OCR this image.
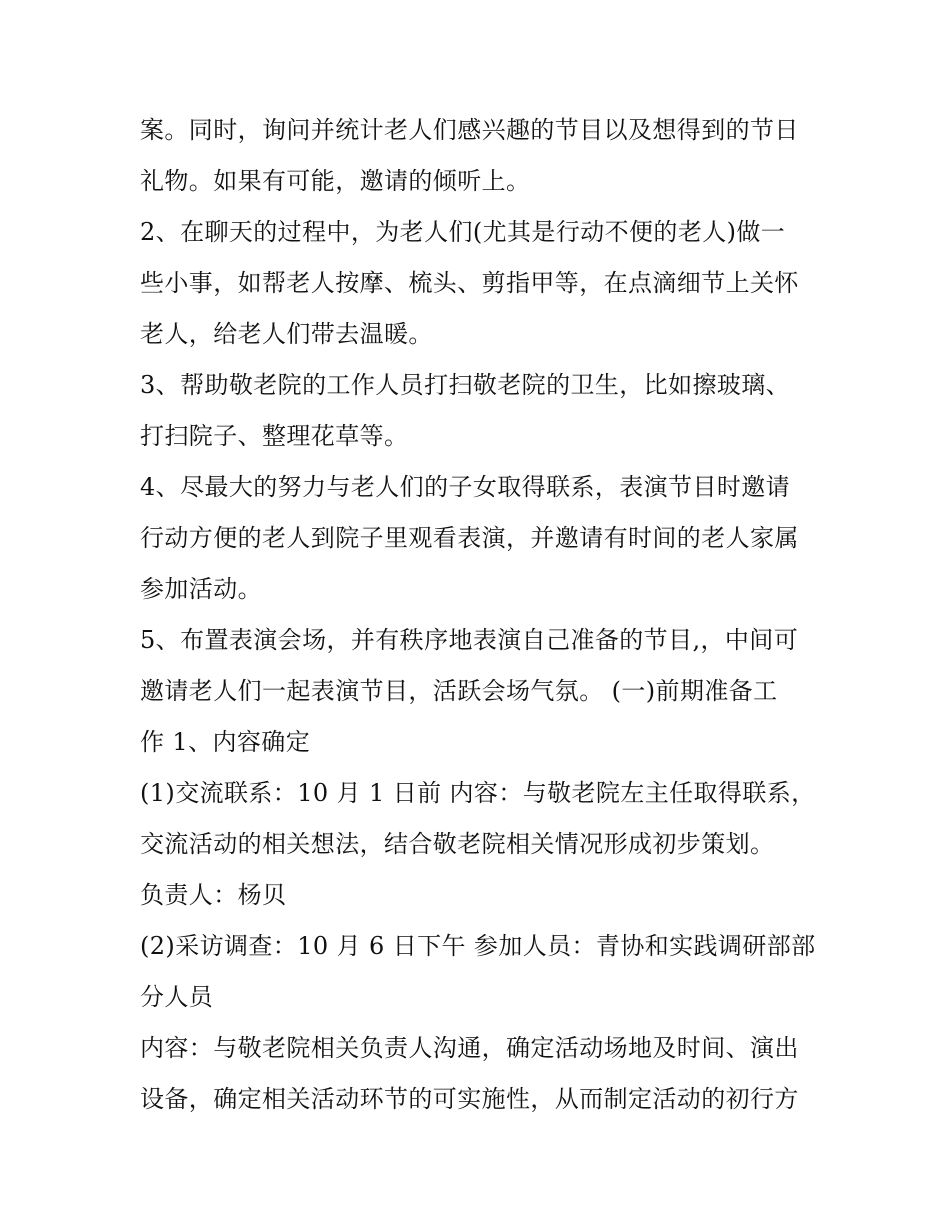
案。同时，询问并统计老人们感兴趣的节目以及想得到的节日
礼物。如果有可能，邀请的倾听上。
2、在聊天的过程中，为老人们(尤其是行动不便的老人)做一
些小事，如帮老人按摩、梳头、剪指甲等，在点滴细节上关怀
老人，给老人们带去温暖。
3、帮助敬老院的工作人员打扫敬老院的卫生，比如擦玻璃、
打扫院子、整理花草等。
4、尽最大的努力与老人们的子女取得联系，表演节目时邀请
行动方便的老人到院子里观看表演，并邀请有时间的老人家属
参加活动。
5、布置表演会场，并有秩序地表演自己准备的节目,，中间可
邀请老人们一起表演节目，活跃会场气氛。 (一)前期准备工
作 1、内容确定
(1)交流联系：10 月 1 日前 内容：与敬老院左主任取得联系，
交流活动的相关想法，结合敬老院相关情况形成初步策划。
负责人：杨贝
(2)采访调查：10 月 6 日下午 参加人员：青协和实践调研部部
分人员
内容：与敬老院相关负责人沟通，确定活动场地及时间、演出
设备，确定相关活动环节的可实施性，从而制定活动的初行方
